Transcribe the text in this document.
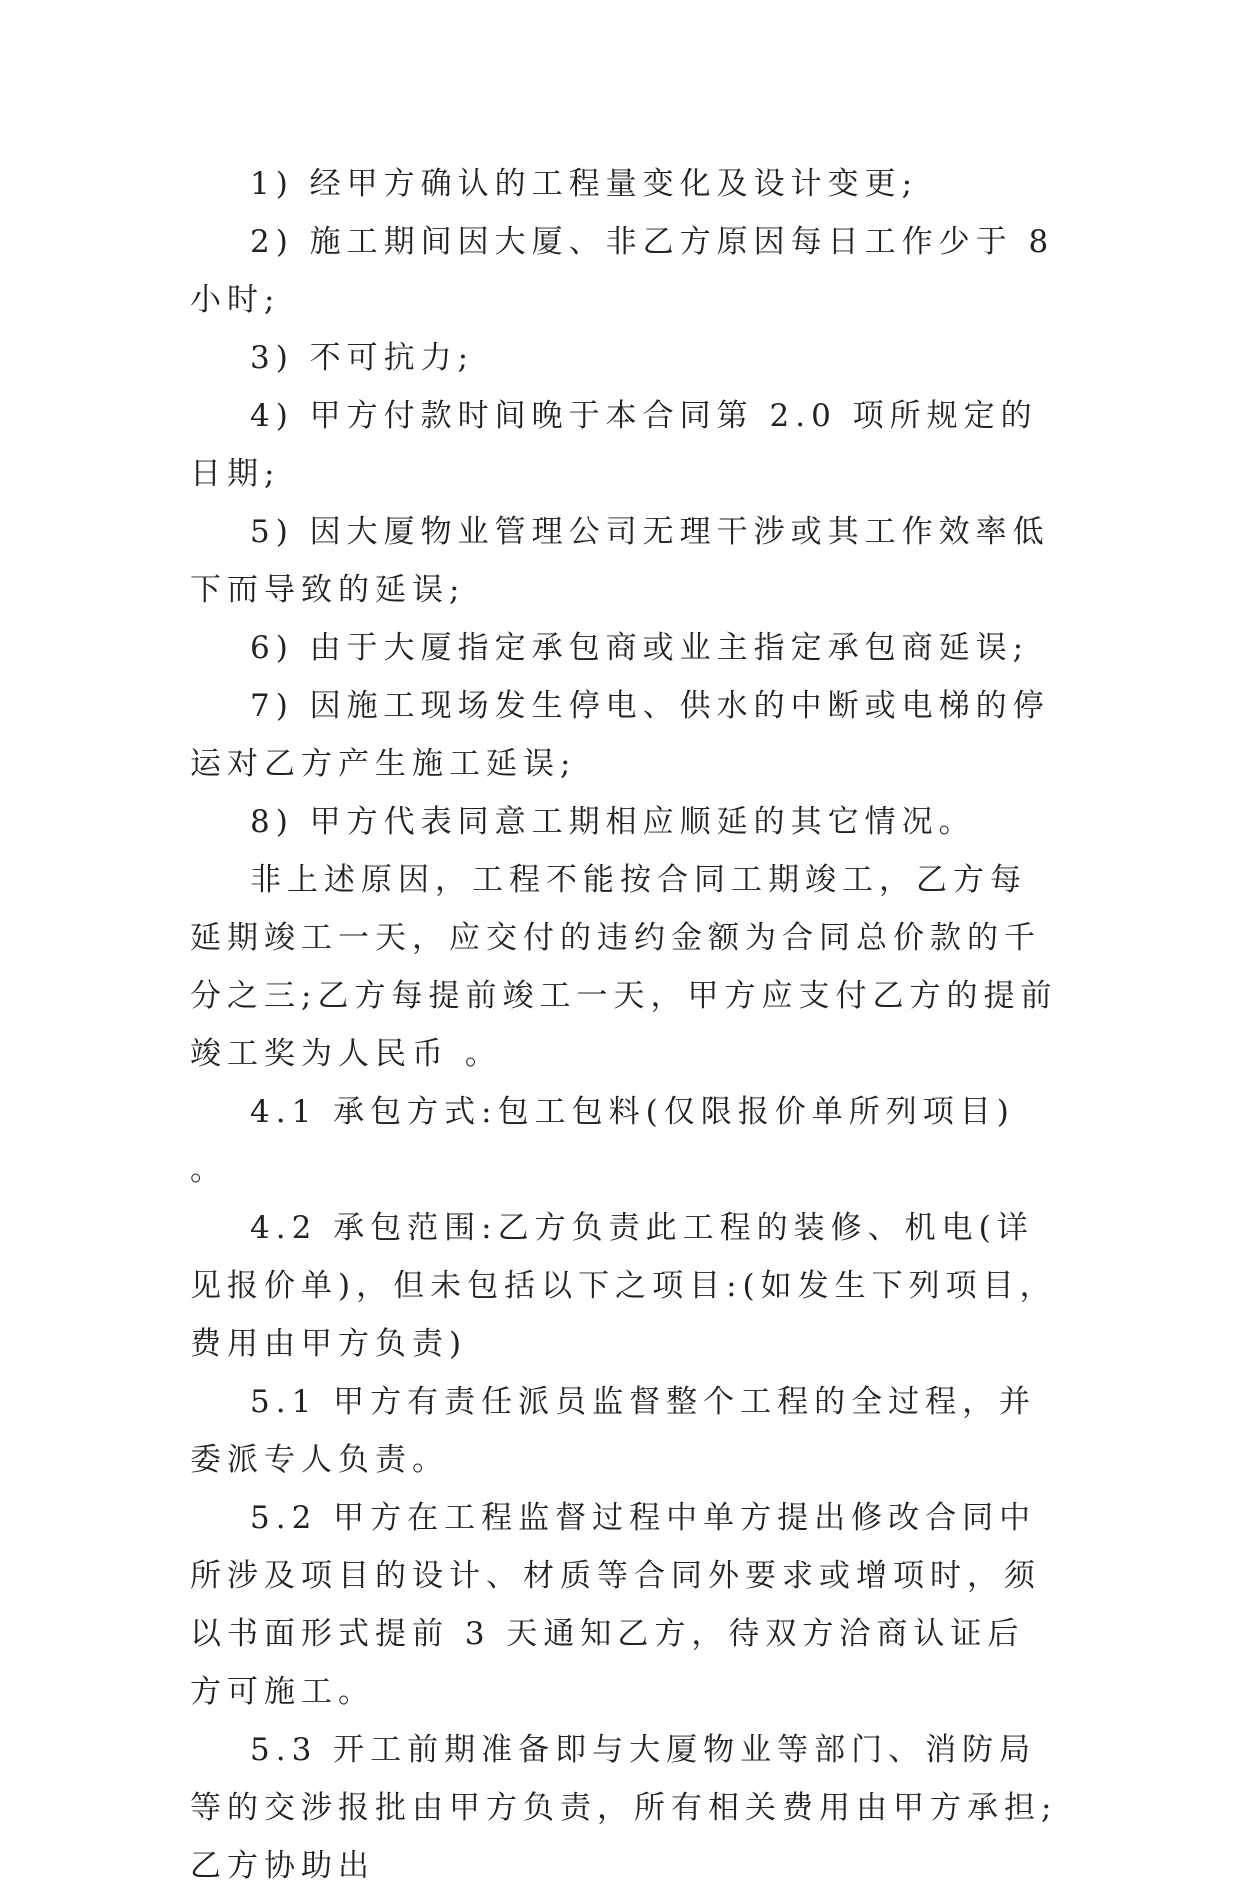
1) 经甲方确认的工程量变化及设计变更;

2) 施工期间因大厦、非乙方原因每日工作少于 8 小时;

3) 不可抗力;

4) 甲方付款时间晚于本合同第 2.0 项所规定的日期;

5) 因大厦物业管理公司无理干涉或其工作效率低下而导致的延误;

6) 由于大厦指定承包商或业主指定承包商延误;

7) 因施工现场发生停电、供水的中断或电梯的停运对乙方产生施工延误;

8) 甲方代表同意工期相应顺延的其它情况。

非上述原因，工程不能按合同工期竣工，乙方每延期竣工一天，应交付的违约金额为合同总价款的千分之三;乙方每提前竣工一天，甲方应支付乙方的提前竣工奖为人民币 。

4.1 承包方式:包工包料(仅限报价单所列项目) 。

4.2 承包范围:乙方负责此工程的装修、机电(详见报价单)，但未包括以下之项目:(如发生下列项目，费用由甲方负责)

5.1 甲方有责任派员监督整个工程的全过程，并委派专人负责。

5.2 甲方在工程监督过程中单方提出修改合同中所涉及项目的设计、材质等合同外要求或增项时，须以书面形式提前 3 天通知乙方，待双方洽商认证后方可施工。

5.3 开工前期准备即与大厦物业等部门、消防局等的交涉报批由甲方负责，所有相关费用由甲方承担;乙方协助出
